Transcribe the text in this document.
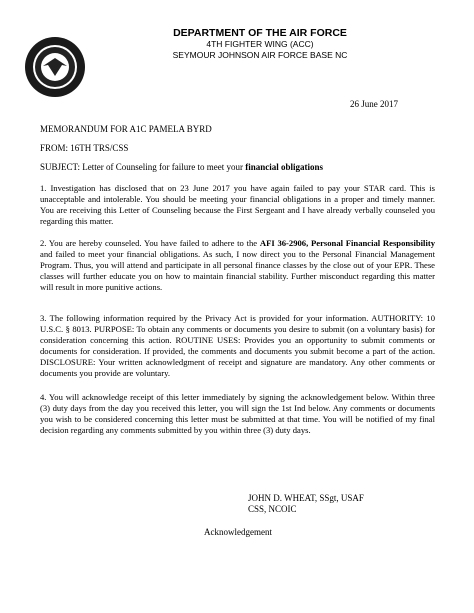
DEPARTMENT OF THE AIR FORCE
4TH FIGHTER WING (ACC)
SEYMOUR JOHNSON AIR FORCE BASE NC
26 June 2017
MEMORANDUM FOR A1C PAMELA BYRD
FROM: 16TH TRS/CSS
SUBJECT: Letter of Counseling for failure to meet your financial obligations
1. Investigation has disclosed that on 23 June 2017 you have again failed to pay your STAR card. This is unacceptable and intolerable. You should be meeting your financial obligations in a proper and timely manner. You are receiving this Letter of Counseling because the First Sergeant and I have already verbally counseled you regarding this matter.
2. You are hereby counseled. You have failed to adhere to the AFI 36-2906, Personal Financial Responsibility and failed to meet your financial obligations. As such, I now direct you to the Personal Financial Management Program. Thus, you will attend and participate in all personal finance classes by the close out of your EPR. These classes will further educate you on how to maintain financial stability. Further misconduct regarding this matter will result in more punitive actions.
3. The following information required by the Privacy Act is provided for your information. AUTHORITY: 10 U.S.C. § 8013. PURPOSE: To obtain any comments or documents you desire to submit (on a voluntary basis) for consideration concerning this action. ROUTINE USES: Provides you an opportunity to submit comments or documents for consideration. If provided, the comments and documents you submit become a part of the action. DISCLOSURE: Your written acknowledgment of receipt and signature are mandatory. Any other comments or documents you provide are voluntary.
4. You will acknowledge receipt of this letter immediately by signing the acknowledgement below. Within three (3) duty days from the day you received this letter, you will sign the 1st Ind below. Any comments or documents you wish to be considered concerning this letter must be submitted at that time. You will be notified of my final decision regarding any comments submitted by you within three (3) duty days.
JOHN D. WHEAT, SSgt, USAF
CSS, NCOIC
Acknowledgement
